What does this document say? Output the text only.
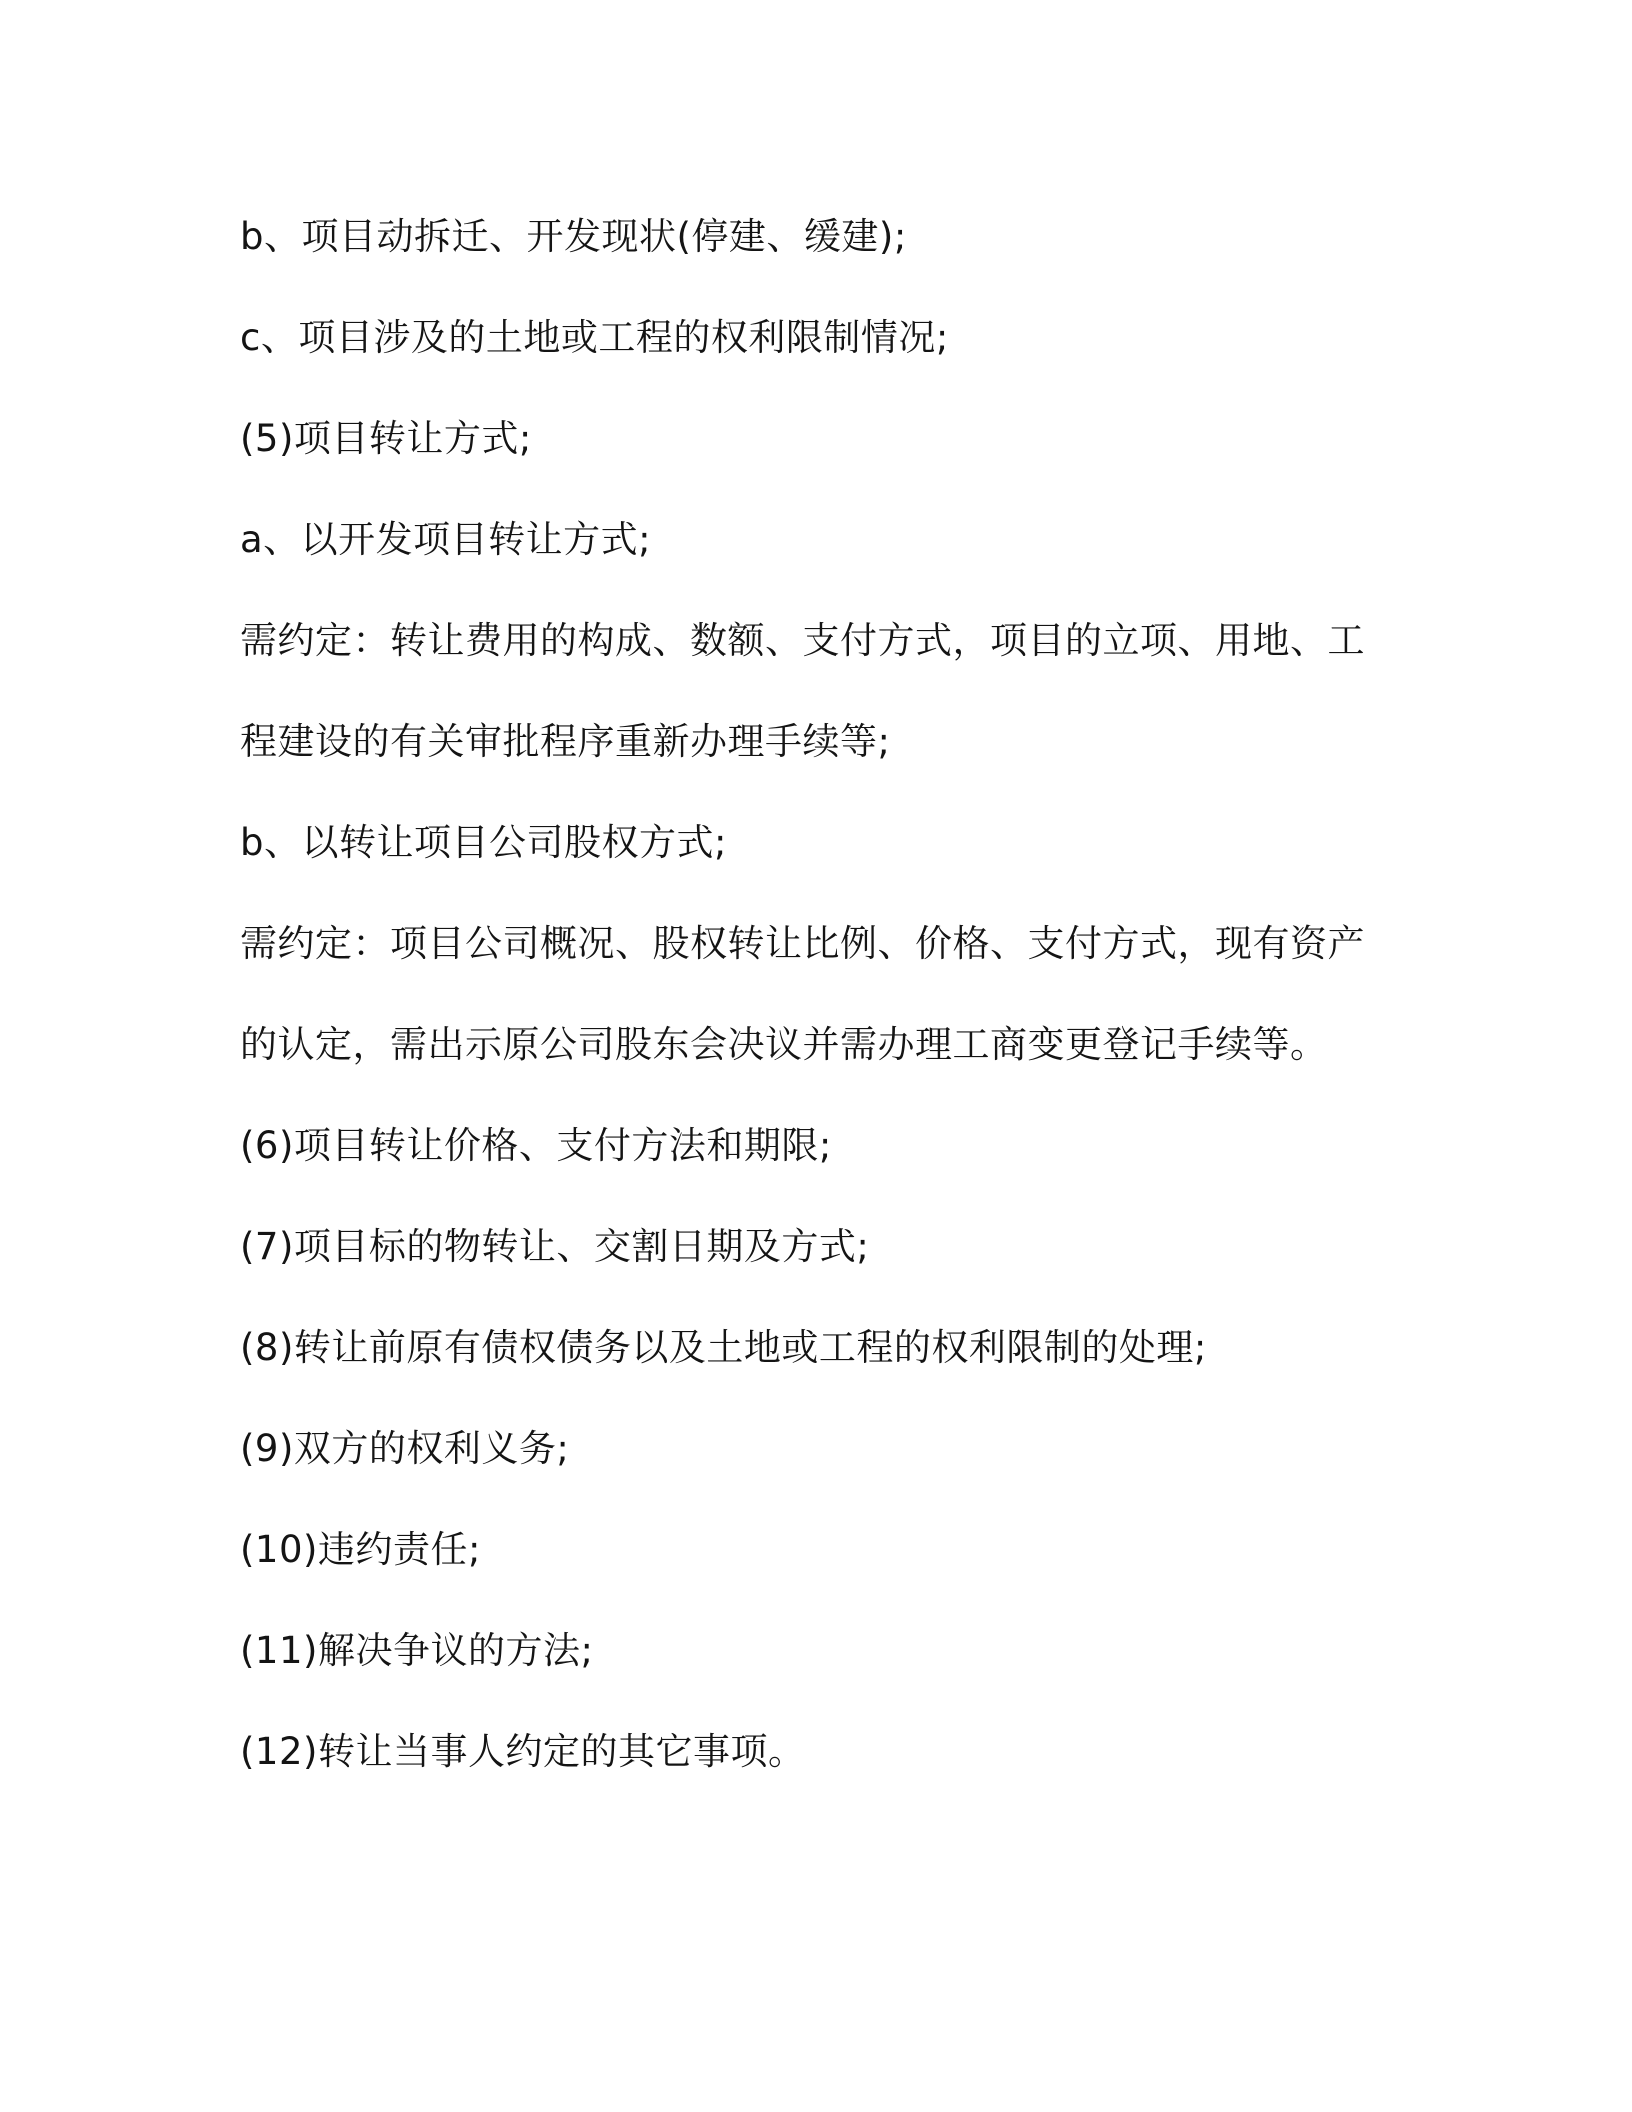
b、项目动拆迁、开发现状(停建、缓建);
c、项目涉及的土地或工程的权利限制情况;
(5)项目转让方式;
a、以开发项目转让方式;
需约定：转让费用的构成、数额、支付方式，项目的立项、用地、工
程建设的有关审批程序重新办理手续等;
b、以转让项目公司股权方式;
需约定：项目公司概况、股权转让比例、价格、支付方式，现有资产
的认定，需出示原公司股东会决议并需办理工商变更登记手续等。
(6)项目转让价格、支付方法和期限;
(7)项目标的物转让、交割日期及方式;
(8)转让前原有债权债务以及土地或工程的权利限制的处理;
(9)双方的权利义务;
(10)违约责任;
(11)解决争议的方法;
(12)转让当事人约定的其它事项。
